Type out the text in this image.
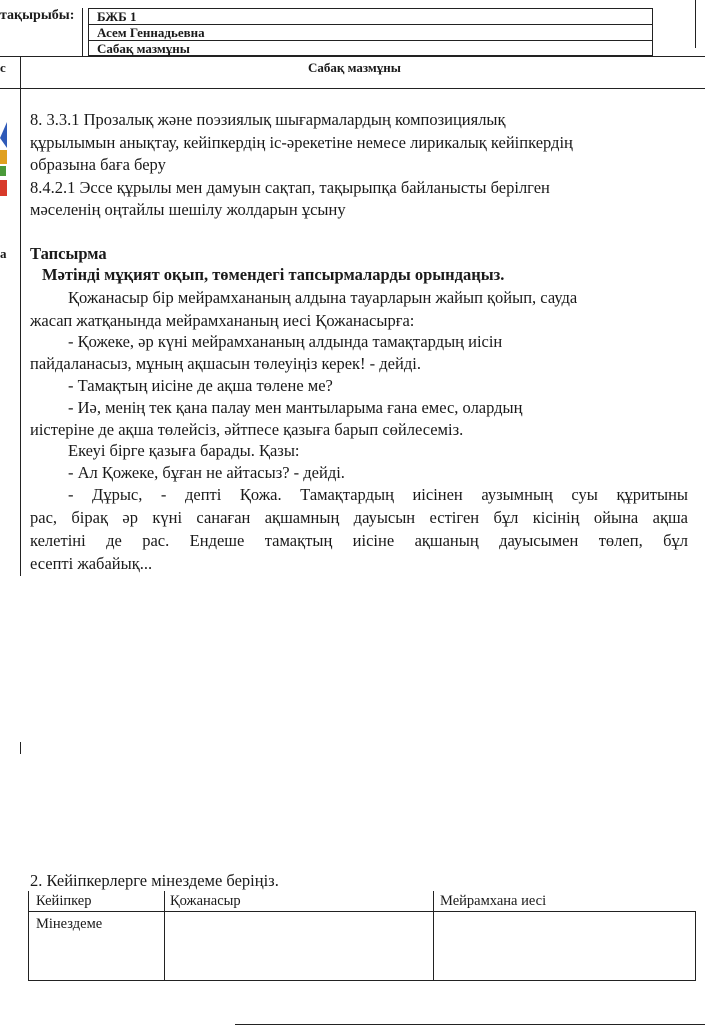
тақырыбы:	БЖБ 1
Асем Геннадьевна
Сабақ мазмұны
с	Сабақ мазмұны
а
8. 3.3.1 Прозалық және поэзиялық шығармалардың композициялық
құрылымын анықтау, кейіпкердің іс-әрекетіне немесе лирикалық кейіпкердің
образына баға беру
8.4.2.1 Эссе құрылы мен дамуын сақтап, тақырыпқа байланысты берілген
мәселенің оңтайлы шешілу жолдарын ұсыну
Тапсырма
Мәтінді мұқият оқып, төмендегі тапсырмаларды орындаңыз.
Қожанасыр бір мейрамхананың алдына тауарларын жайып қойып, сауда
жасап жатқанында мейрамхананың иесі Қожанасырға:
- Қожеке, әр күні мейрамхананың алдында тамақтардың иісін
пайдаланасыз, мұның ақшасын төлеуіңіз керек! - дейді.
- Тамақтың иісіне де ақша төлене ме?
- Иә, менің тек қана палау мен мантыларыма ғана емес, олардың
иістеріне де ақша төлейсіз, әйтпесе қазыға барып сөйлесеміз.
Екеуі бірге қазыға барады. Қазы:
- Ал Қожеке, бұған не айтасыз? - дейді.
- Дұрыс, - депті Қожа. Тамақтардың иісінен аузымның суы құритыны
рас, бірақ әр күні санаған ақшамның дауысын естіген бұл кісінің ойына ақша
келетіні де рас. Ендеше тамақтың иісіне ақшаның дауысымен төлеп, бұл
есепті жабайық...
2. Кейіпкерлерге мінездеме беріңіз.
Кейіпкер	Қожанасыр	Мейрамхана иесі
Мінездеме
